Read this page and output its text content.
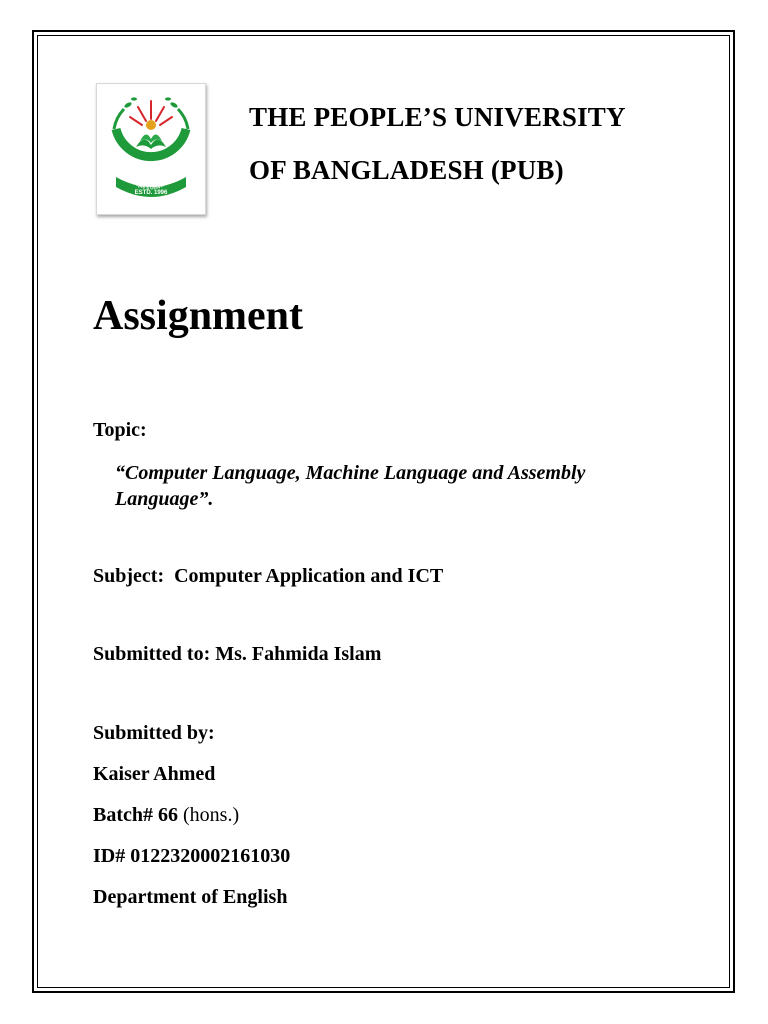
ESTD. 1996
The People's University of Ban
THE PEOPLE’S UNIVERSITY
OF BANGLADESH (PUB)
Assignment
Topic:
“Computer Language, Machine Language and Assembly Language”.
Subject: Computer Application and ICT
Submitted to: Ms. Fahmida Islam
Submitted by:
Kaiser Ahmed
Batch# 66 (hons.)
ID# 0122320002161030
Department of English
